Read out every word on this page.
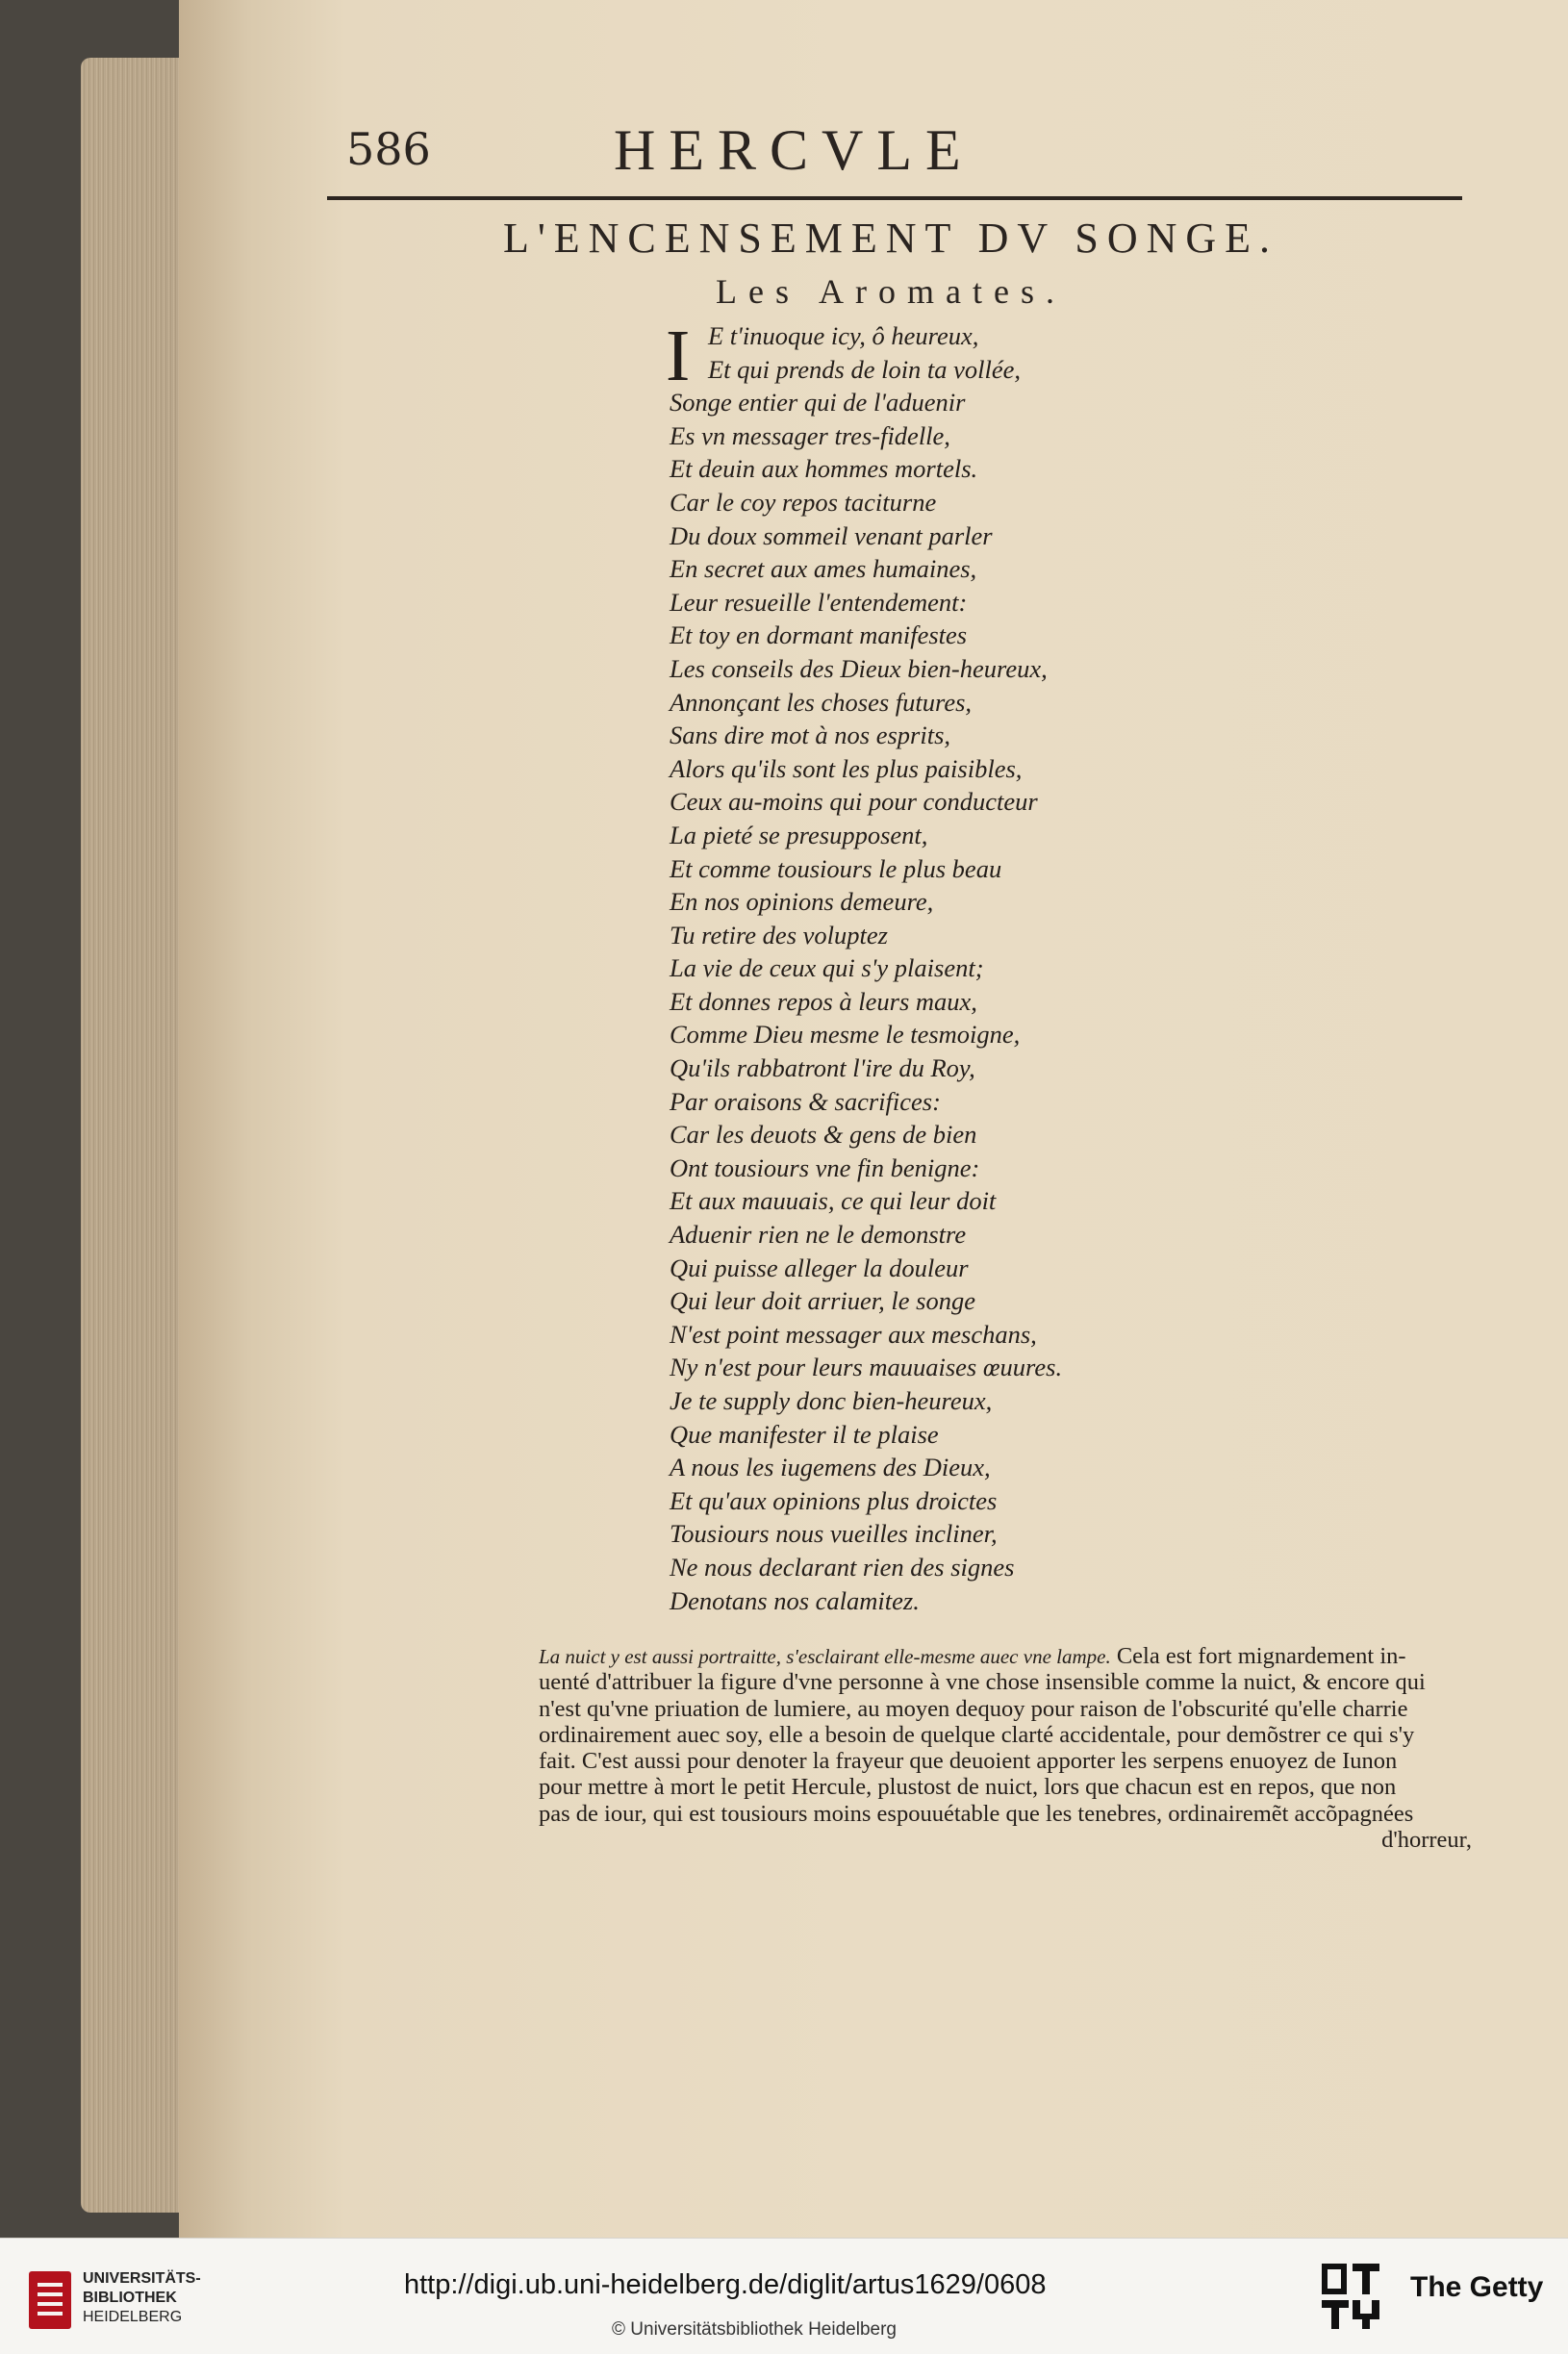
586	HERCVLE
L'ENCENSEMENT DV SONGE.
Les Aromates.
I E t'inuoque icy, ô heureux,
Et qui prends de loin ta vollée,
Songe entier qui de l'aduenir
Es vn messager tres-fidelle,
Et deuin aux hommes mortels.
Car le coy repos taciturne
Du doux sommeil venant parler
En secret aux ames humaines,
Leur resueille l'entendement:
Et toy en dormant manifestes
Les conseils des Dieux bien-heureux,
Annonçant les choses futures,
Sans dire mot à nos esprits,
Alors qu'ils sont les plus paisibles,
Ceux au-moins qui pour conducteur
La pieté se presupposent,
Et comme tousiours le plus beau
En nos opinions demeure,
Tu retire des voluptez
La vie de ceux qui s'y plaisent;
Et donnes repos à leurs maux,
Comme Dieu mesme le tesmoigne,
Qu'ils rabbatront l'ire du Roy,
Par oraisons & sacrifices:
Car les deuots & gens de bien
Ont tousiours vne fin benigne:
Et aux mauuais, ce qui leur doit
Aduenir rien ne le demonstre
Qui puisse alleger la douleur
Qui leur doit arriuer, le songe
N'est point messager aux meschans,
Ny n'est pour leurs mauuaises œuures.
Je te supply donc bien-heureux,
Que manifester il te plaise
A nous les iugemens des Dieux,
Et qu'aux opinions plus droictes
Tousiours nous vueilles incliner,
Ne nous declarant rien des signes
Denotans nos calamitez.
La nuict y est aussi portraitte, s'esclairant elle-mesme auec vne lampe. Cela est fort mignardement in-
uenté d'attribuer la figure d'vne personne à vne chose insensible comme la nuict, & encore qui
n'est qu'vne priuation de lumiere, au moyen dequoy pour raison de l'obscurité qu'elle charrie
ordinairement auec soy, elle a besoin de quelque clarté accidentale, pour demõstrer ce qui s'y
fait. C'est aussi pour denoter la frayeur que deuoient apporter les serpens enuoyez de Iunon
pour mettre à mort le petit Hercule, plustost de nuict, lors que chacun est en repos, que non
pas de iour, qui est tousiours moins espouuétable que les tenebres, ordinairemẽt accõpagnées
d'horreur,
UNIVERSITÄTS-
BIBLIOTHEK
HEIDELBERG
http://digi.ub.uni-heidelberg.de/diglit/artus1629/0608
© Universitätsbibliothek Heidelberg
The Getty
